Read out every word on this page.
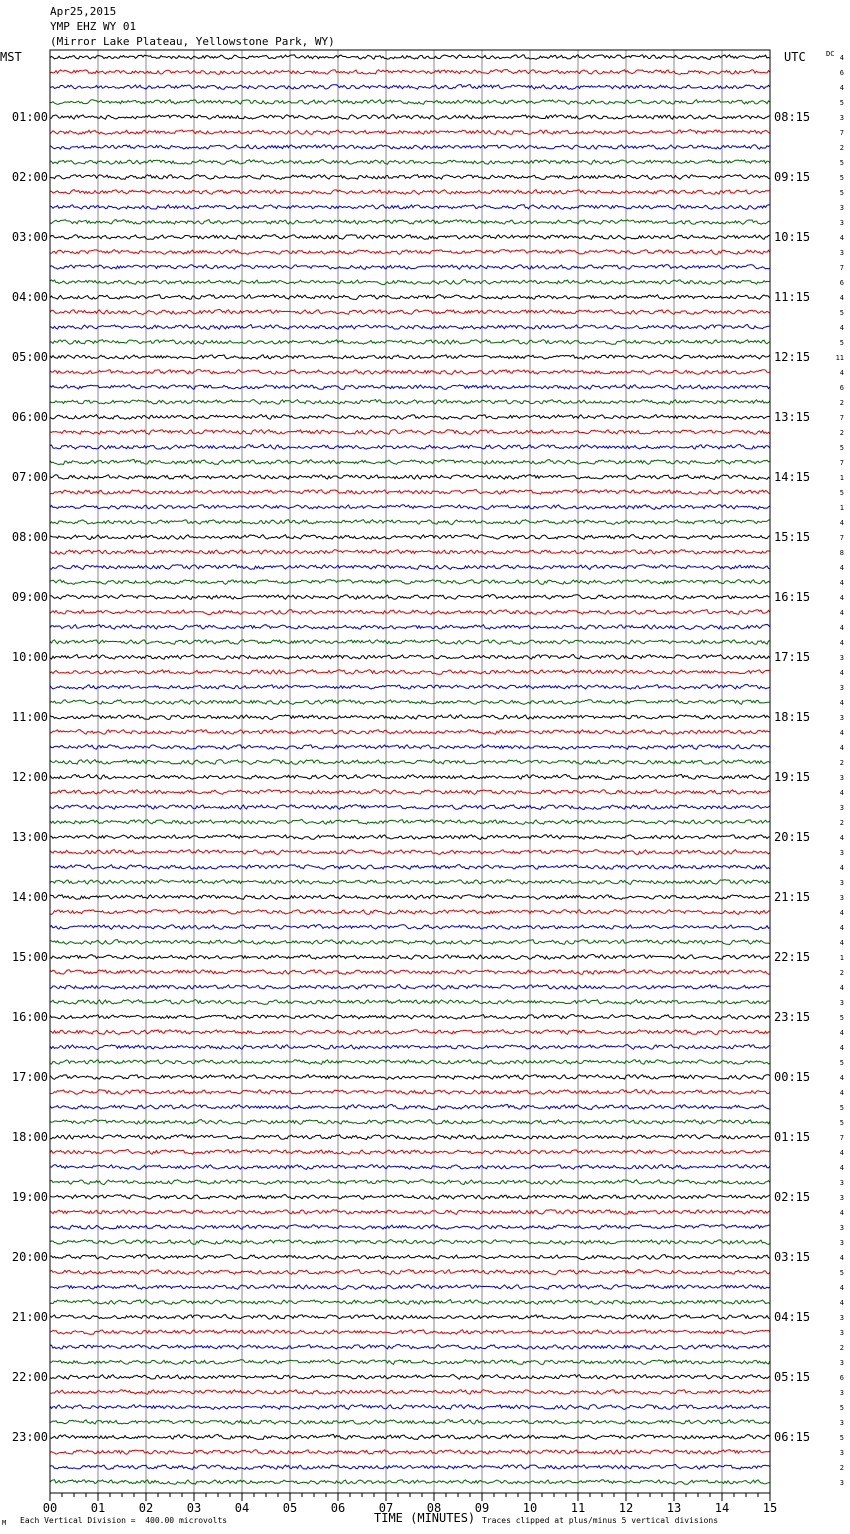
Apr25,2015
YMP EHZ WY 01
(Mirror Lake Plateau, Yellowstone Park, WY)
MST	UTC	DC
00	01	02	03	04	05	06	07	08	09	10	11	12	13	14	15
01:00
02:00
03:00
04:00
05:00
06:00
07:00
08:00
09:00
10:00
11:00
12:00
13:00
14:00
15:00
16:00
17:00
18:00
19:00
20:00
21:00
22:00
23:00
08:15
09:15
10:15
11:15
12:15
13:15
14:15
15:15
16:15
17:15
18:15
19:15
20:15
21:15
22:15
23:15
00:15
01:15
02:15
03:15
04:15
05:15
06:15
4
6
4
5
3
7
2
5
5
5
3
3
4
3
7
6
4
5
4
5
11
4
6
2
7
2
5
7
1
5
1
4
7
8
4
4
4
4
4
4
3
4
3
4
3
4
4
2
3
4
3
2
4
3
4
3
3
4
4
4
1
2
4
3
5
4
4
5
4
4
5
5
7
4
4
3
3
4
3
3
4
5
4
4
3
3
2
3
6
3
5
3
5
3
2
3
TIME (MINUTES)
Each Vertical Division =  400.00 microvolts	Traces clipped at plus/minus 5 vertical divisions
M
